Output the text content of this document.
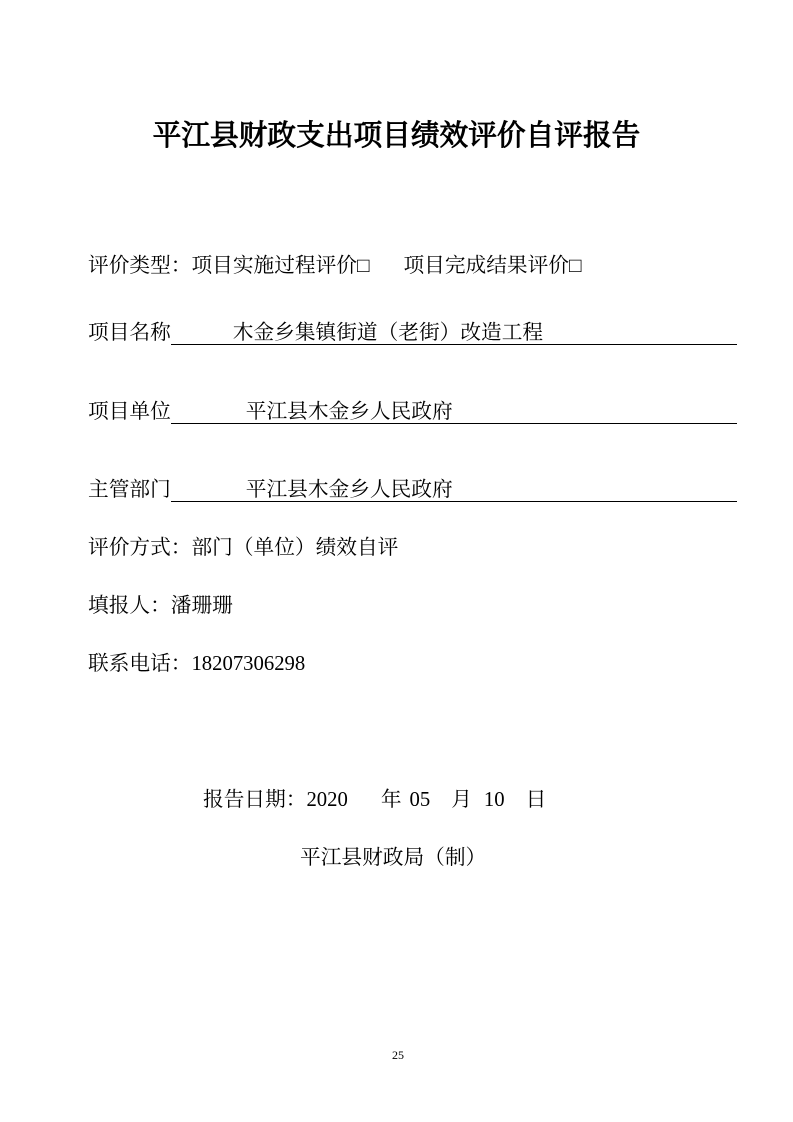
平江县财政支出项目绩效评价自评报告
评价类型：项目实施过程评价□ 项目完成结果评价□
项目名称	木金乡集镇街道（老街）改造工程
项目单位	平江县木金乡人民政府
主管部门	平江县木金乡人民政府
评价方式：部门（单位）绩效自评
填报人：潘珊珊
联系电话：18207306298
报告日期：2020 年 05 月 10 日
平江县财政局（制）
25
